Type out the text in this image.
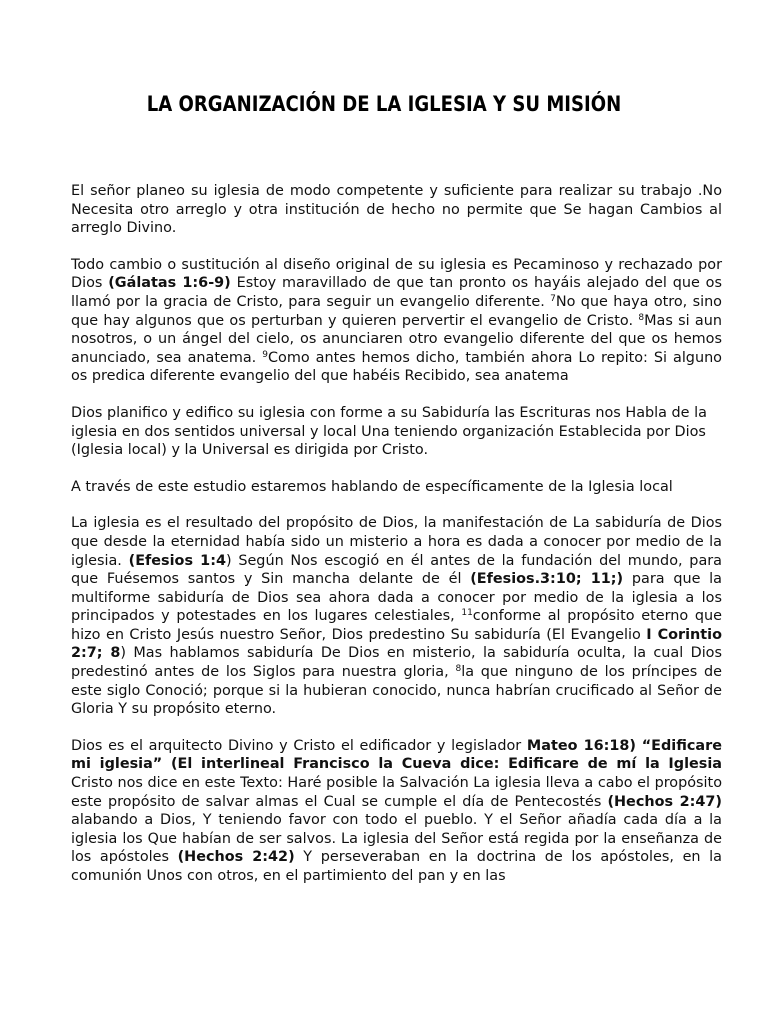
LA ORGANIZACIÓN DE LA IGLESIA Y SU MISIÓN

El señor planeo su iglesia de modo competente y suficiente para realizar su trabajo .No Necesita otro arreglo y otra institución de hecho no permite que Se hagan Cambios al arreglo Divino.

Todo cambio o sustitución al diseño original de su iglesia es Pecaminoso y rechazado por Dios (Gálatas 1:6-9) Estoy maravillado de que tan pronto os hayáis alejado del que os llamó por la gracia de Cristo, para seguir un evangelio diferente. $^7$No que haya otro, sino que hay algunos que os perturban y quieren pervertir el evangelio de Cristo. $^8$Mas si aun nosotros, o un ángel del cielo, os anunciaren otro evangelio diferente del que os hemos anunciado, sea anatema. $^9$Como antes hemos dicho, también ahora Lo repito: Si alguno os predica diferente evangelio del que habéis Recibido, sea anatema

Dios planifico y edifico su iglesia con forme a su Sabiduría las Escrituras nos Habla de la iglesia en dos sentidos universal y local Una teniendo organización Establecida por Dios (Iglesia local) y la Universal es dirigida por Cristo.

A través de este estudio estaremos hablando de específicamente de la Iglesia local

La iglesia es el resultado del propósito de Dios, la manifestación de La sabiduría de Dios que desde la eternidad había sido un misterio a hora es dada a conocer por medio de la iglesia. (Efesios 1:4) Según Nos escogió en él antes de la fundación del mundo, para que Fuésemos santos y Sin mancha delante de él (Efesios.3:10; 11;) para que la multiforme sabiduría de Dios sea ahora dada a conocer por medio de la iglesia a los principados y potestades en los lugares celestiales, $^{11}$conforme al propósito eterno que hizo en Cristo Jesús nuestro Señor, Dios predestino Su sabiduría (El Evangelio I Corintio 2:7; 8) Mas hablamos sabiduría De Dios en misterio, la sabiduría oculta, la cual Dios predestinó antes de los Siglos para nuestra gloria, $^8$la que ninguno de los príncipes de este siglo Conoció; porque si la hubieran conocido, nunca habrían crucificado al Señor de Gloria Y su propósito eterno.

Dios es el arquitecto Divino y Cristo el edificador y legislador Mateo 16:18) “Edificare mi iglesia” (El interlineal Francisco la Cueva dice: Edificare de mí la Iglesia Cristo nos dice en este Texto: Haré posible la Salvación La iglesia lleva a cabo el propósito este propósito de salvar almas el Cual se cumple el día de Pentecostés (Hechos 2:47) alabando a Dios, Y teniendo favor con todo el pueblo. Y el Señor añadía cada día a la iglesia los Que habían de ser salvos. La iglesia del Señor está regida por la enseñanza de los apóstoles (Hechos 2:42) Y perseveraban en la doctrina de los apóstoles, en la comunión Unos con otros, en el partimiento del pan y en las
